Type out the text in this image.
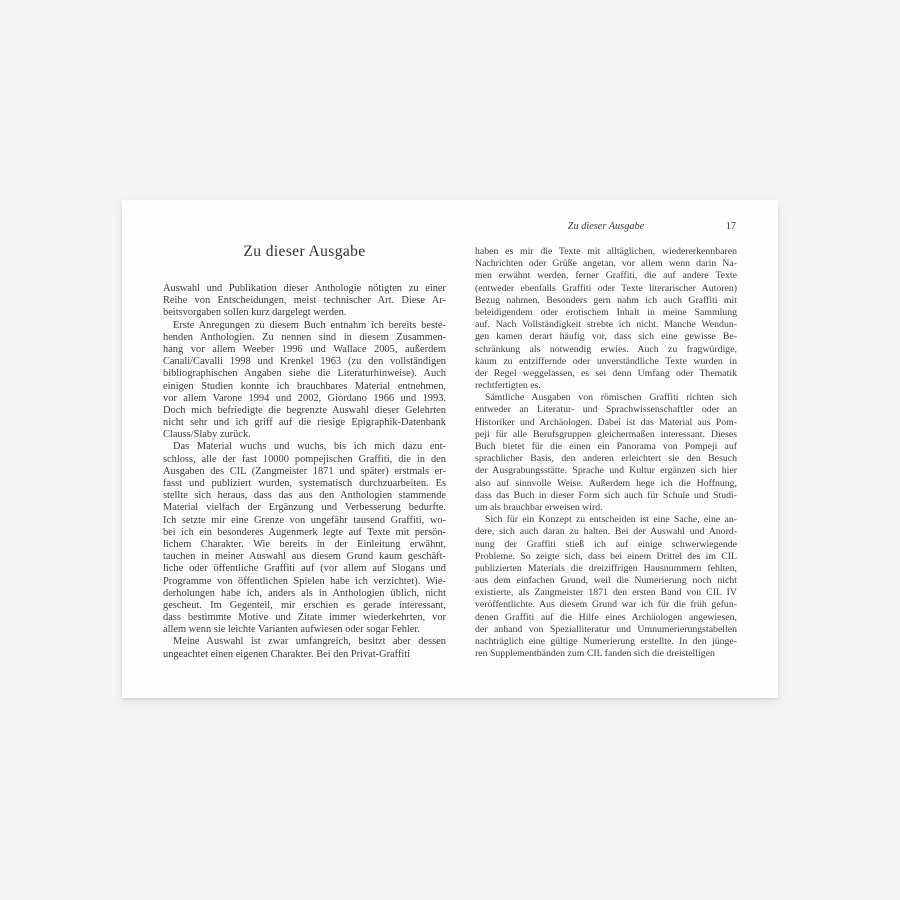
Zu dieser Ausgabe
Auswahl und Publikation dieser Anthologie nötigten zu einer
Reihe von Entscheidungen, meist technischer Art. Diese Ar-
beitsvorgaben sollen kurz dargelegt werden.
Erste Anregungen zu diesem Buch entnahm ich bereits beste-
henden Anthologien. Zu nennen sind in diesem Zusammen-
hang vor allem Weeber 1996 und Wallace 2005, außerdem
Canali/Cavalli 1998 und Krenkel 1963 (zu den vollständigen
bibliographischen Angaben siehe die Literaturhinweise). Auch
einigen Studien konnte ich brauchbares Material entnehmen,
vor allem Varone 1994 und 2002, Giordano 1966 und 1993.
Doch mich befriedigte die begrenzte Auswahl dieser Gelehrten
nicht sehr und ich griff auf die riesige Epigraphik-Datenbank
Clauss/Slaby zurück.
Das Material wuchs und wuchs, bis ich mich dazu ent-
schloss, alle der fast 10000 pompejischen Graffiti, die in den
Ausgaben des CIL (Zangmeister 1871 und später) erstmals er-
fasst und publiziert wurden, systematisch durchzuarbeiten. Es
stellte sich heraus, dass das aus den Anthologien stammende
Material vielfach der Ergänzung und Verbesserung bedurfte.
Ich setzte mir eine Grenze von ungefähr tausend Graffiti, wo-
bei ich ein besonderes Augenmerk legte auf Texte mit persön-
lichem Charakter. Wie bereits in der Einleitung erwähnt,
tauchen in meiner Auswahl aus diesem Grund kaum geschäft-
liche oder öffentliche Graffiti auf (vor allem auf Slogans und
Programme von öffentlichen Spielen habe ich verzichtet). Wie-
derholungen habe ich, anders als in Anthologien üblich, nicht
gescheut. Im Gegenteil, mir erschien es gerade interessant,
dass bestimmte Motive und Zitate immer wiederkehrten, vor
allem wenn sie leichte Varianten aufwiesen oder sogar Fehler.
Meine Auswahl ist zwar umfangreich, besitzt aber dessen
ungeachtet einen eigenen Charakter. Bei den Privat-Graffiti
Zu dieser Ausgabe	17
haben es mir die Texte mit alltäglichen, wiedererkennbaren
Nachrichten oder Grüße angetan, vor allem wenn darin Na-
men erwähnt werden, ferner Graffiti, die auf andere Texte
(entweder ebenfalls Graffiti oder Texte literarischer Autoren)
Bezug nahmen. Besonders gern nahm ich auch Graffiti mit
beleidigendem oder erotischem Inhalt in meine Sammlung
auf. Nach Vollständigkeit strebte ich nicht. Manche Wendun-
gen kamen derart häufig vor, dass sich eine gewisse Be-
schränkung als notwendig erwies. Auch zu fragwürdige,
kaum zu entziffernde oder unverständliche Texte wurden in
der Regel weggelassen, es sei denn Umfang oder Thematik
rechtfertigten es.
Sämtliche Ausgaben von römischen Graffiti richten sich
entweder an Literatur- und Sprachwissenschaftler oder an
Historiker und Archäologen. Dabei ist das Material aus Pom-
peji für alle Berufsgruppen gleichermaßen interessant. Dieses
Buch bietet für die einen ein Panorama von Pompeji auf
sprachlicher Basis, den anderen erleichtert sie den Besuch
der Ausgrabungsstätte. Sprache und Kultur ergänzen sich hier
also auf sinnvolle Weise. Außerdem hege ich die Hoffnung,
dass das Buch in dieser Form sich auch für Schule und Studi-
um als brauchbar erweisen wird.
Sich für ein Konzept zu entscheiden ist eine Sache, eine an-
dere, sich auch daran zu halten. Bei der Auswahl und Anord-
nung der Graffiti stieß ich auf einige schwerwiegende
Probleme. So zeigte sich, dass bei einem Drittel des im CIL
publizierten Materials die dreiziffrigen Hausnummern fehlten,
aus dem einfachen Grund, weil die Numerierung noch nicht
existierte, als Zangmeister 1871 den ersten Band von CIL IV
veröffentlichte. Aus diesem Grund war ich für die früh gefun-
denen Graffiti auf die Hilfe eines Archäologen angewiesen,
der anhand von Spezialliteratur und Umnumerierungstabellen
nachträglich eine gültige Numerierung erstellte. In den jünge-
ren Supplementbänden zum CIL fanden sich die dreistelligen
